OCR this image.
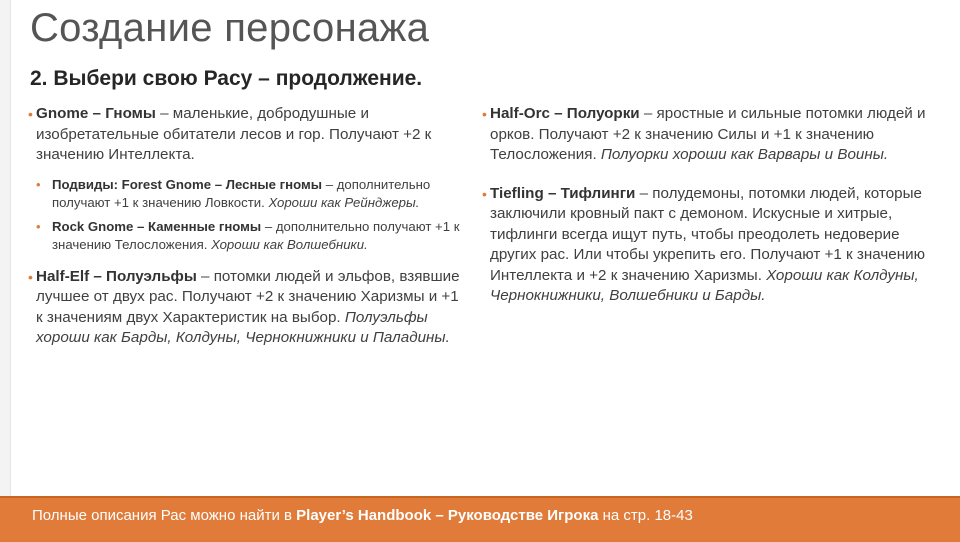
Создание персонажа
2. Выбери свою Расу – продолжение.
• Gnome – Гномы – маленькие, добродушные и изобретательные обитатели лесов и гор. Получают +2 к значению Интеллекта.
• Подвиды: Forest Gnome – Лесные гномы – дополнительно получают +1 к значению Ловкости. Хороши как Рейнджеры.
• Rock Gnome – Каменные гномы – дополнительно получают +1 к значению Телосложения. Хороши как Волшебники.
• Half-Elf – Полуэльфы – потомки людей и эльфов, взявшие лучшее от двух рас. Получают +2 к значению Харизмы и +1 к значениям двух Характеристик на выбор. Полуэльфы хороши как Барды, Колдуны, Чернокнижники и Паладины.
• Half-Orc – Полуорки – яростные и сильные потомки людей и орков. Получают +2 к значению Силы и +1 к значению Телосложения. Полуорки хороши как Варвары и Воины.
• Tiefling – Тифлинги – полудемоны, потомки людей, которые заключили кровный пакт с демоном. Искусные и хитрые, тифлинги всегда ищут путь, чтобы преодолеть недоверие других рас. Или чтобы укрепить его. Получают +1 к значению Интеллекта и +2 к значению Харизмы. Хороши как Колдуны, Чернокнижники, Волшебники и Барды.
Полные описания Рас можно найти в Player’s Handbook – Руководстве Игрока на стр. 18-43
